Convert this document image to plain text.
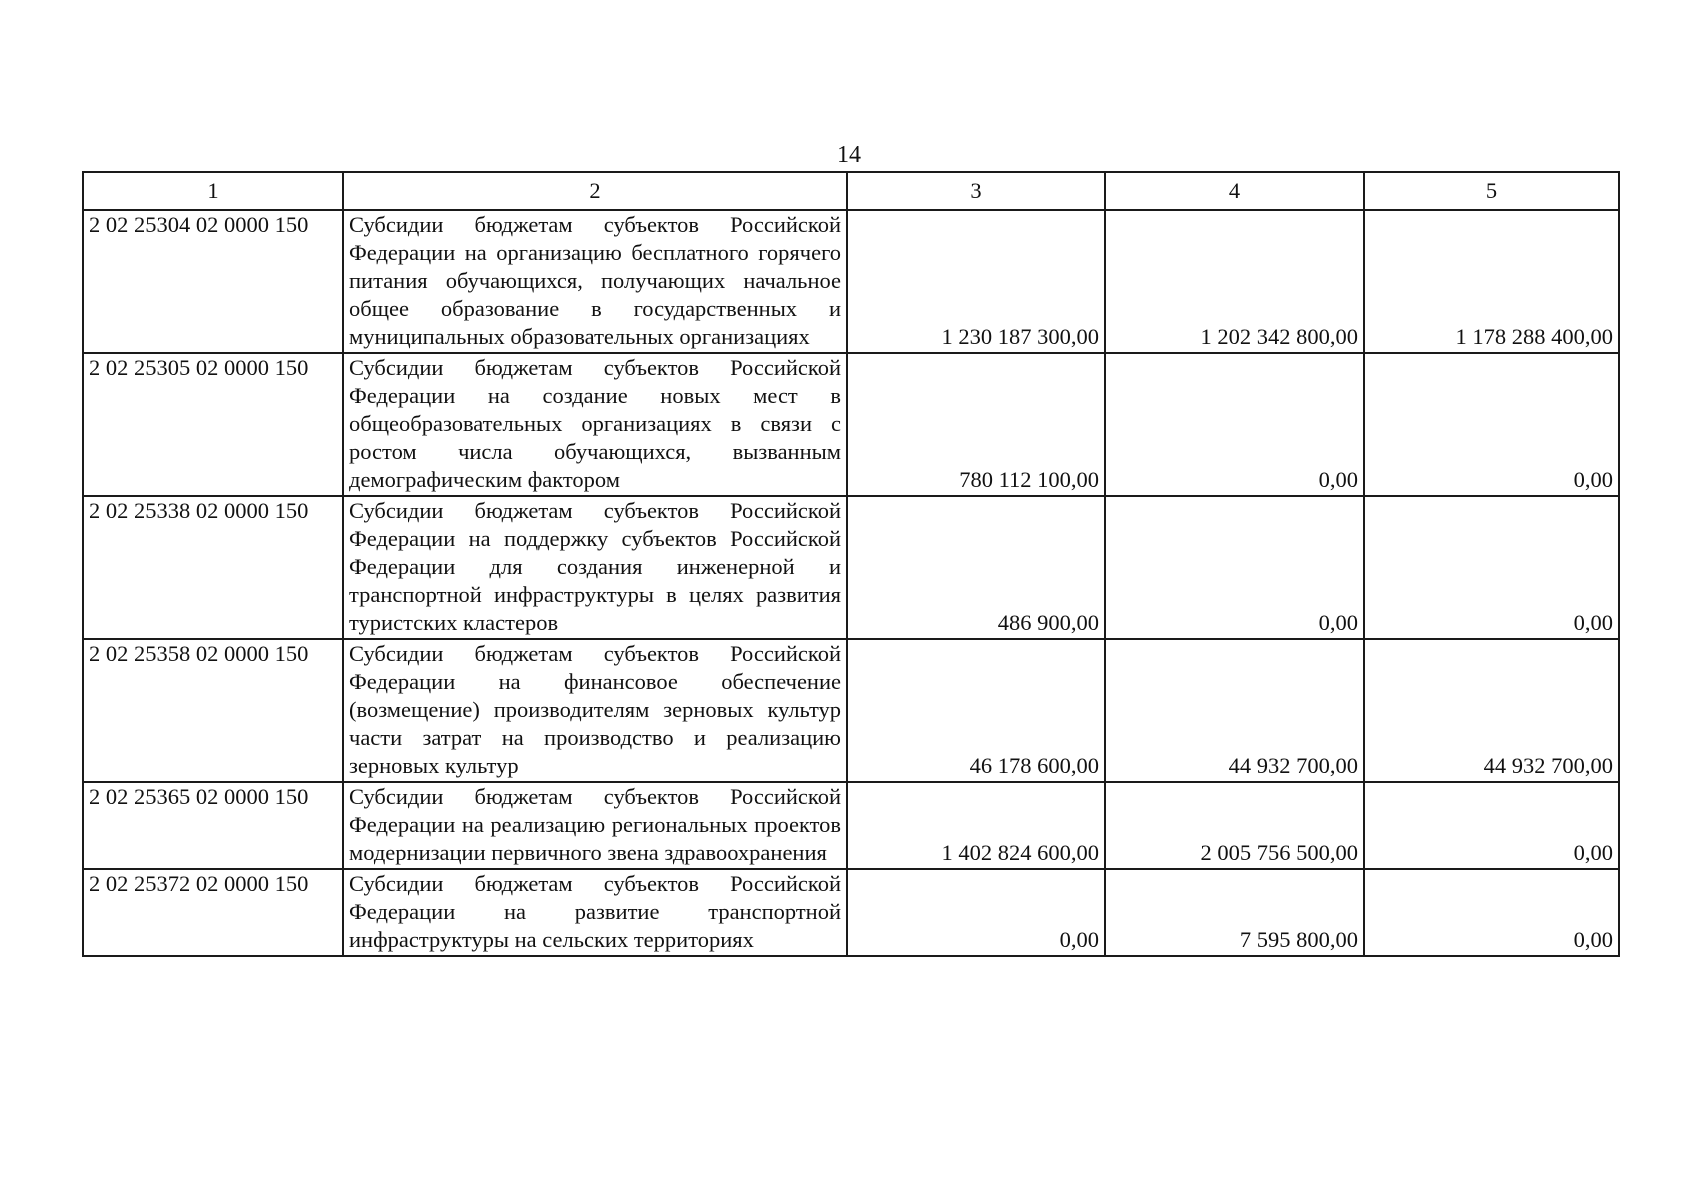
14
1	2	3	4	5
2 02 25304 02 0000 150	Субсидии бюджетам субъектов Российской Федерации на организацию бесплатного горячего питания обучающихся, получающих начальное общее образование в государственных и муниципальных образовательных организациях	1 230 187 300,00	1 202 342 800,00	1 178 288 400,00
2 02 25305 02 0000 150	Субсидии бюджетам субъектов Российской Федерации на создание новых мест в общеобразовательных организациях в связи с ростом числа обучающихся, вызванным демографическим фактором	780 112 100,00	0,00	0,00
2 02 25338 02 0000 150	Субсидии бюджетам субъектов Российской Федерации на поддержку субъектов Российской Федерации для создания инженерной и транспортной инфраструктуры в целях развития туристских кластеров	486 900,00	0,00	0,00
2 02 25358 02 0000 150	Субсидии бюджетам субъектов Российской Федерации на финансовое обеспечение (возмещение) производителям зерновых культур части затрат на производство и реализацию зерновых культур	46 178 600,00	44 932 700,00	44 932 700,00
2 02 25365 02 0000 150	Субсидии бюджетам субъектов Российской Федерации на реализацию региональных проектов модернизации первичного звена здравоохранения	1 402 824 600,00	2 005 756 500,00	0,00
2 02 25372 02 0000 150	Субсидии бюджетам субъектов Российской Федерации на развитие транспортной инфраструктуры на сельских территориях	0,00	7 595 800,00	0,00
